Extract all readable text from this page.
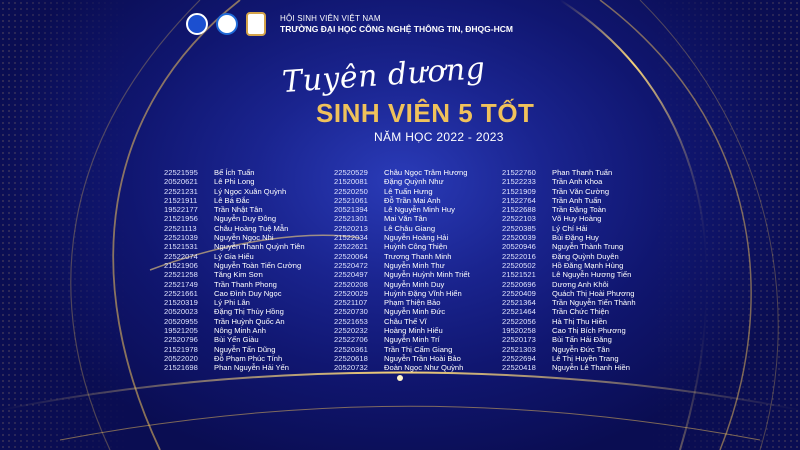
HỘI SINH VIÊN VIỆT NAM
TRƯỜNG ĐẠI HỌC CÔNG NGHỆ THÔNG TIN, ĐHQG-HCM
Tuyên dương
SINH VIÊN 5 TỐT
NĂM HỌC 2022 - 2023
22521595	Bế Ích Tuấn
20520621	Lê Phi Long
22521231	Lý Ngọc Xuân Quỳnh
21521911	Lê Bá Đắc
19522177	Trần Nhật Tân
21521956	Nguyễn Duy Đông
22521113	Châu Hoàng Tuệ Mẫn
22521039	Nguyễn Ngọc Nhi
21521531	Nguyễn Thanh Quỳnh Tiên
22522074	Lý Gia Hiếu
21521906	Nguyễn Toàn Tiến Cường
22521258	Tăng Kim Sơn
22521749	Trần Thanh Phong
22521661	Cao Đình Duy Ngọc
21520319	Lý Phi Lân
20520023	Đặng Thị Thủy Hồng
20520955	Trần Huỳnh Quốc An
19521205	Nông Minh Anh
22520796	Bùi Yến Giàu
21521978	Nguyễn Tấn Dũng
20522020	Đỗ Phạm Phúc Tính
21521698	Phan Nguyễn Hải Yến
22520529	Châu Ngọc Trâm Hương
21520081	Đặng Quỳnh Như
22520250	Lê Tuấn Hưng
22521061	Đỗ Trần Mai Anh
20521394	Lê Nguyễn Minh Huy
22521301	Mai Văn Tân
22520213	Lê Châu Giang
21522034	Nguyễn Hoàng Hải
22522621	Huỳnh Công Thiện
22520064	Trương Thanh Minh
22520472	Nguyễn Minh Thư
22520497	Nguyễn Huỳnh Minh Triết
22520208	Nguyễn Minh Duy
22520029	Huỳnh Đặng Vĩnh Hiển
22521107	Phạm Thiện Bảo
22520730	Nguyễn Minh Đức
22521653	Châu Thế Vĩ
22520232	Hoàng Minh Hiếu
22522706	Nguyễn Minh Trí
22520361	Trần Thị Cẩm Giang
22520618	Nguyễn Trần Hoài Bảo
20520732	Đoàn Ngọc Như Quỳnh
21522760	Phan Thanh Tuấn
21522233	Trần Anh Khoa
21521909	Trần Văn Cường
21522764	Trần Anh Tuấn
21522688	Trần Đặng Toàn
22522103	Võ Huy Hoàng
22520385	Lý Chí Hải
22520039	Bùi Đặng Huy
20520946	Nguyễn Thành Trung
22522016	Đặng Quỳnh Duyên
22520502	Hồ Đăng Mạnh Hùng
21521521	Lê Nguyễn Hương Tiến
22520696	Dương Anh Khôi
22520409	Quách Thị Hoài Phương
22521364	Trần Nguyễn Tiến Thành
22521464	Trần Chức Thiện
22522056	Hà Thị Thu Hiền
19520258	Cao Thị Bích Phương
22520173	Bùi Tấn Hải Đăng
22521303	Nguyễn Đức Tân
22522694	Lê Thị Huyền Trang
22520418	Nguyễn Lê Thanh Hiền
